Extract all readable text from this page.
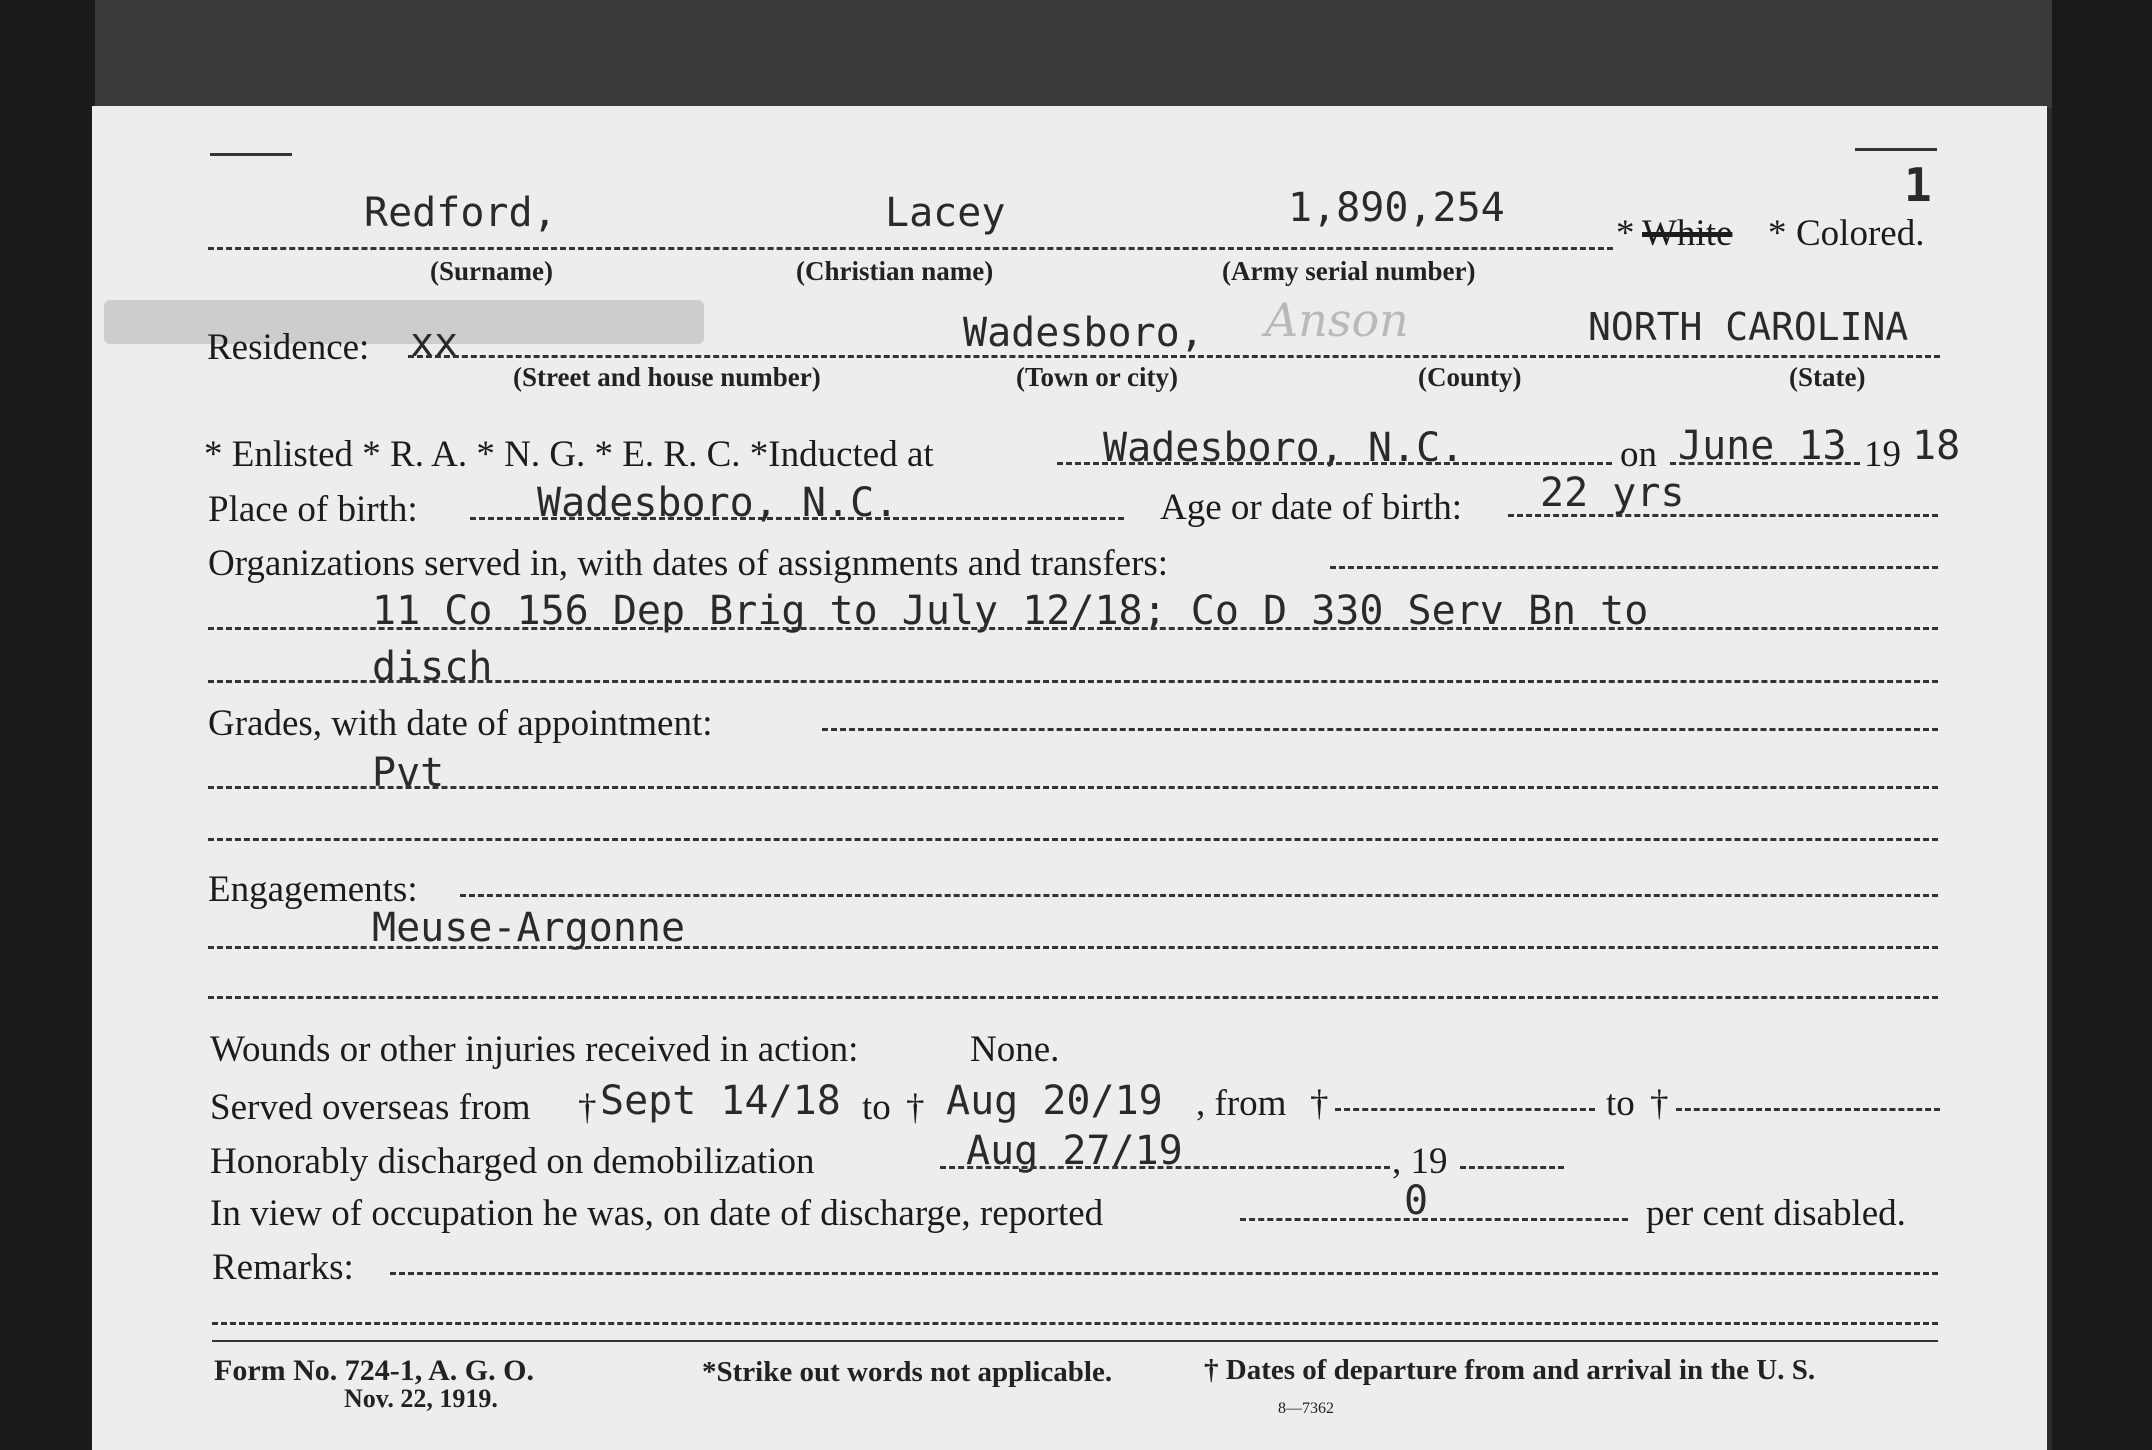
1
Redford,	Lacey	1,890,254
* White * Colored.
(Surname)	(Christian name)	(Army serial number)
Residence: xx	Wadesboro, Anson	NORTH CAROLINA
(Street and house number)	(Town or city)	(County)	(State)
* Enlisted * R. A. * N. G. * E. R. C. *Inducted at	Wadesboro, N.C.	on June 13 19 18
Place of birth:	Wadesboro, N.C.	Age or date of birth: 22 yrs
Organizations served in, with dates of assignments and transfers:
11 Co 156 Dep Brig to July 12/18; Co D 330 Serv Bn to
disch
Grades, with date of appointment:
Pvt
Engagements:
Meuse-Argonne
Wounds or other injuries received in action:	None.
Served overseas from † Sept 14/18 to † Aug 20/19 , from †	to †
Honorably discharged on demobilization	Aug 27/19	, 19
In view of occupation he was, on date of discharge, reported	0	per cent disabled.
Remarks:
Form No. 724-1, A. G. O.
Nov. 22, 1919.
*Strike out words not applicable.	† Dates of departure from and arrival in the U. S.
8—7362
